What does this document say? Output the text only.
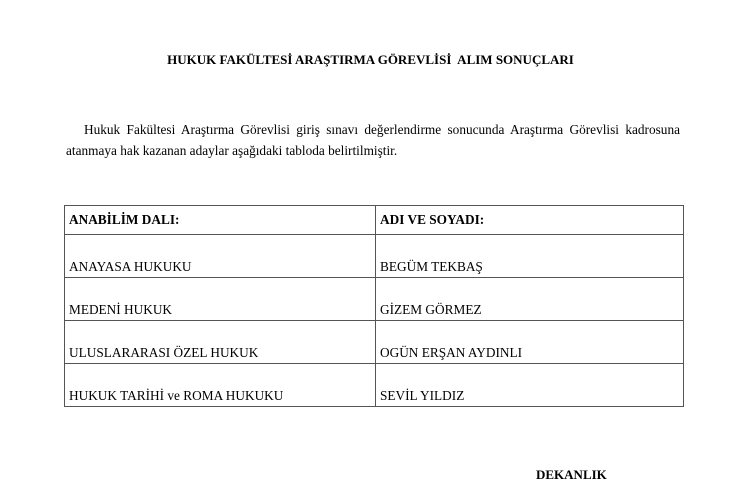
HUKUK FAKÜLTESİ ARAŞTIRMA GÖREVLİSİ  ALIM SONUÇLARI
Hukuk Fakültesi Araştırma Görevlisi giriş sınavı değerlendirme sonucunda Araştırma Görevlisi kadrosuna atanmaya hak kazanan adaylar aşağıdaki tabloda belirtilmiştir.
ANABİLİM DALI:	ADI VE SOYADI:
ANAYASA HUKUKU	BEGÜM TEKBAŞ
MEDENİ HUKUK	GİZEM GÖRMEZ
ULUSLARARASI ÖZEL HUKUK	OGÜN ERŞAN AYDINLI
HUKUK TARİHİ ve ROMA HUKUKU	SEVİL YILDIZ
DEKANLIK
